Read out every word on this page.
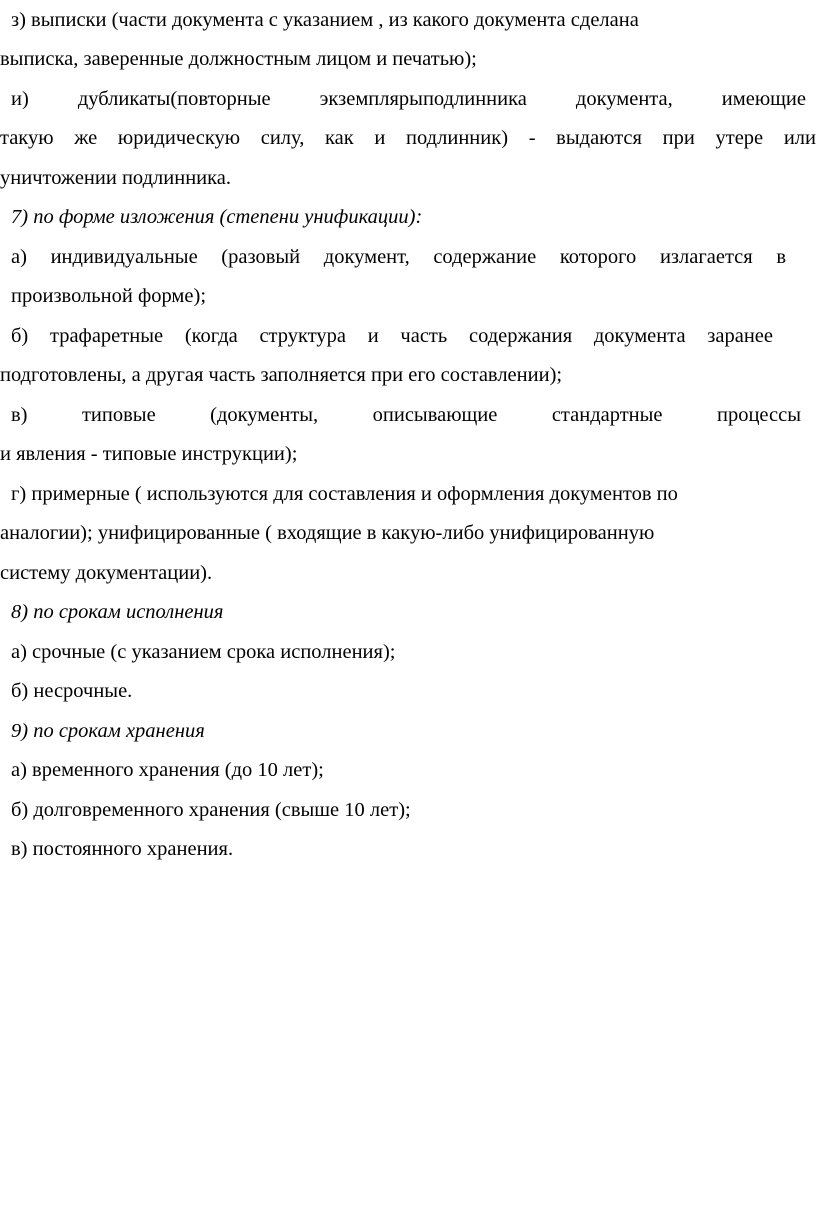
з) выписки (части документа с указанием , из какого документа сделана
выписка, заверенные должностным лицом и печатью);
и) дубликаты(повторные экземплярыподлинника документа, имеющие
такую же юридическую силу, как и подлинник) - выдаются при утере или
уничтожении подлинника.
7) по форме изложения (степени унификации):
а) индивидуальные (разовый документ, содержание которого излагается в
произвольной форме);
б) трафаретные (когда структура и часть содержания документа заранее
подготовлены, а другая часть заполняется при его составлении);
в) типовые (документы, описывающие стандартные процессы
и явления - типовые инструкции);
г) примерные ( используются для составления и оформления документов по
аналогии); унифицированные ( входящие в какую-либо унифицированную
систему документации).
8) по срокам исполнения
а) срочные (с указанием срока исполнения);
б) несрочные.
9) по срокам хранения
а) временного хранения (до 10 лет);
б) долговременного хранения (свыше 10 лет);
в) постоянного хранения.
